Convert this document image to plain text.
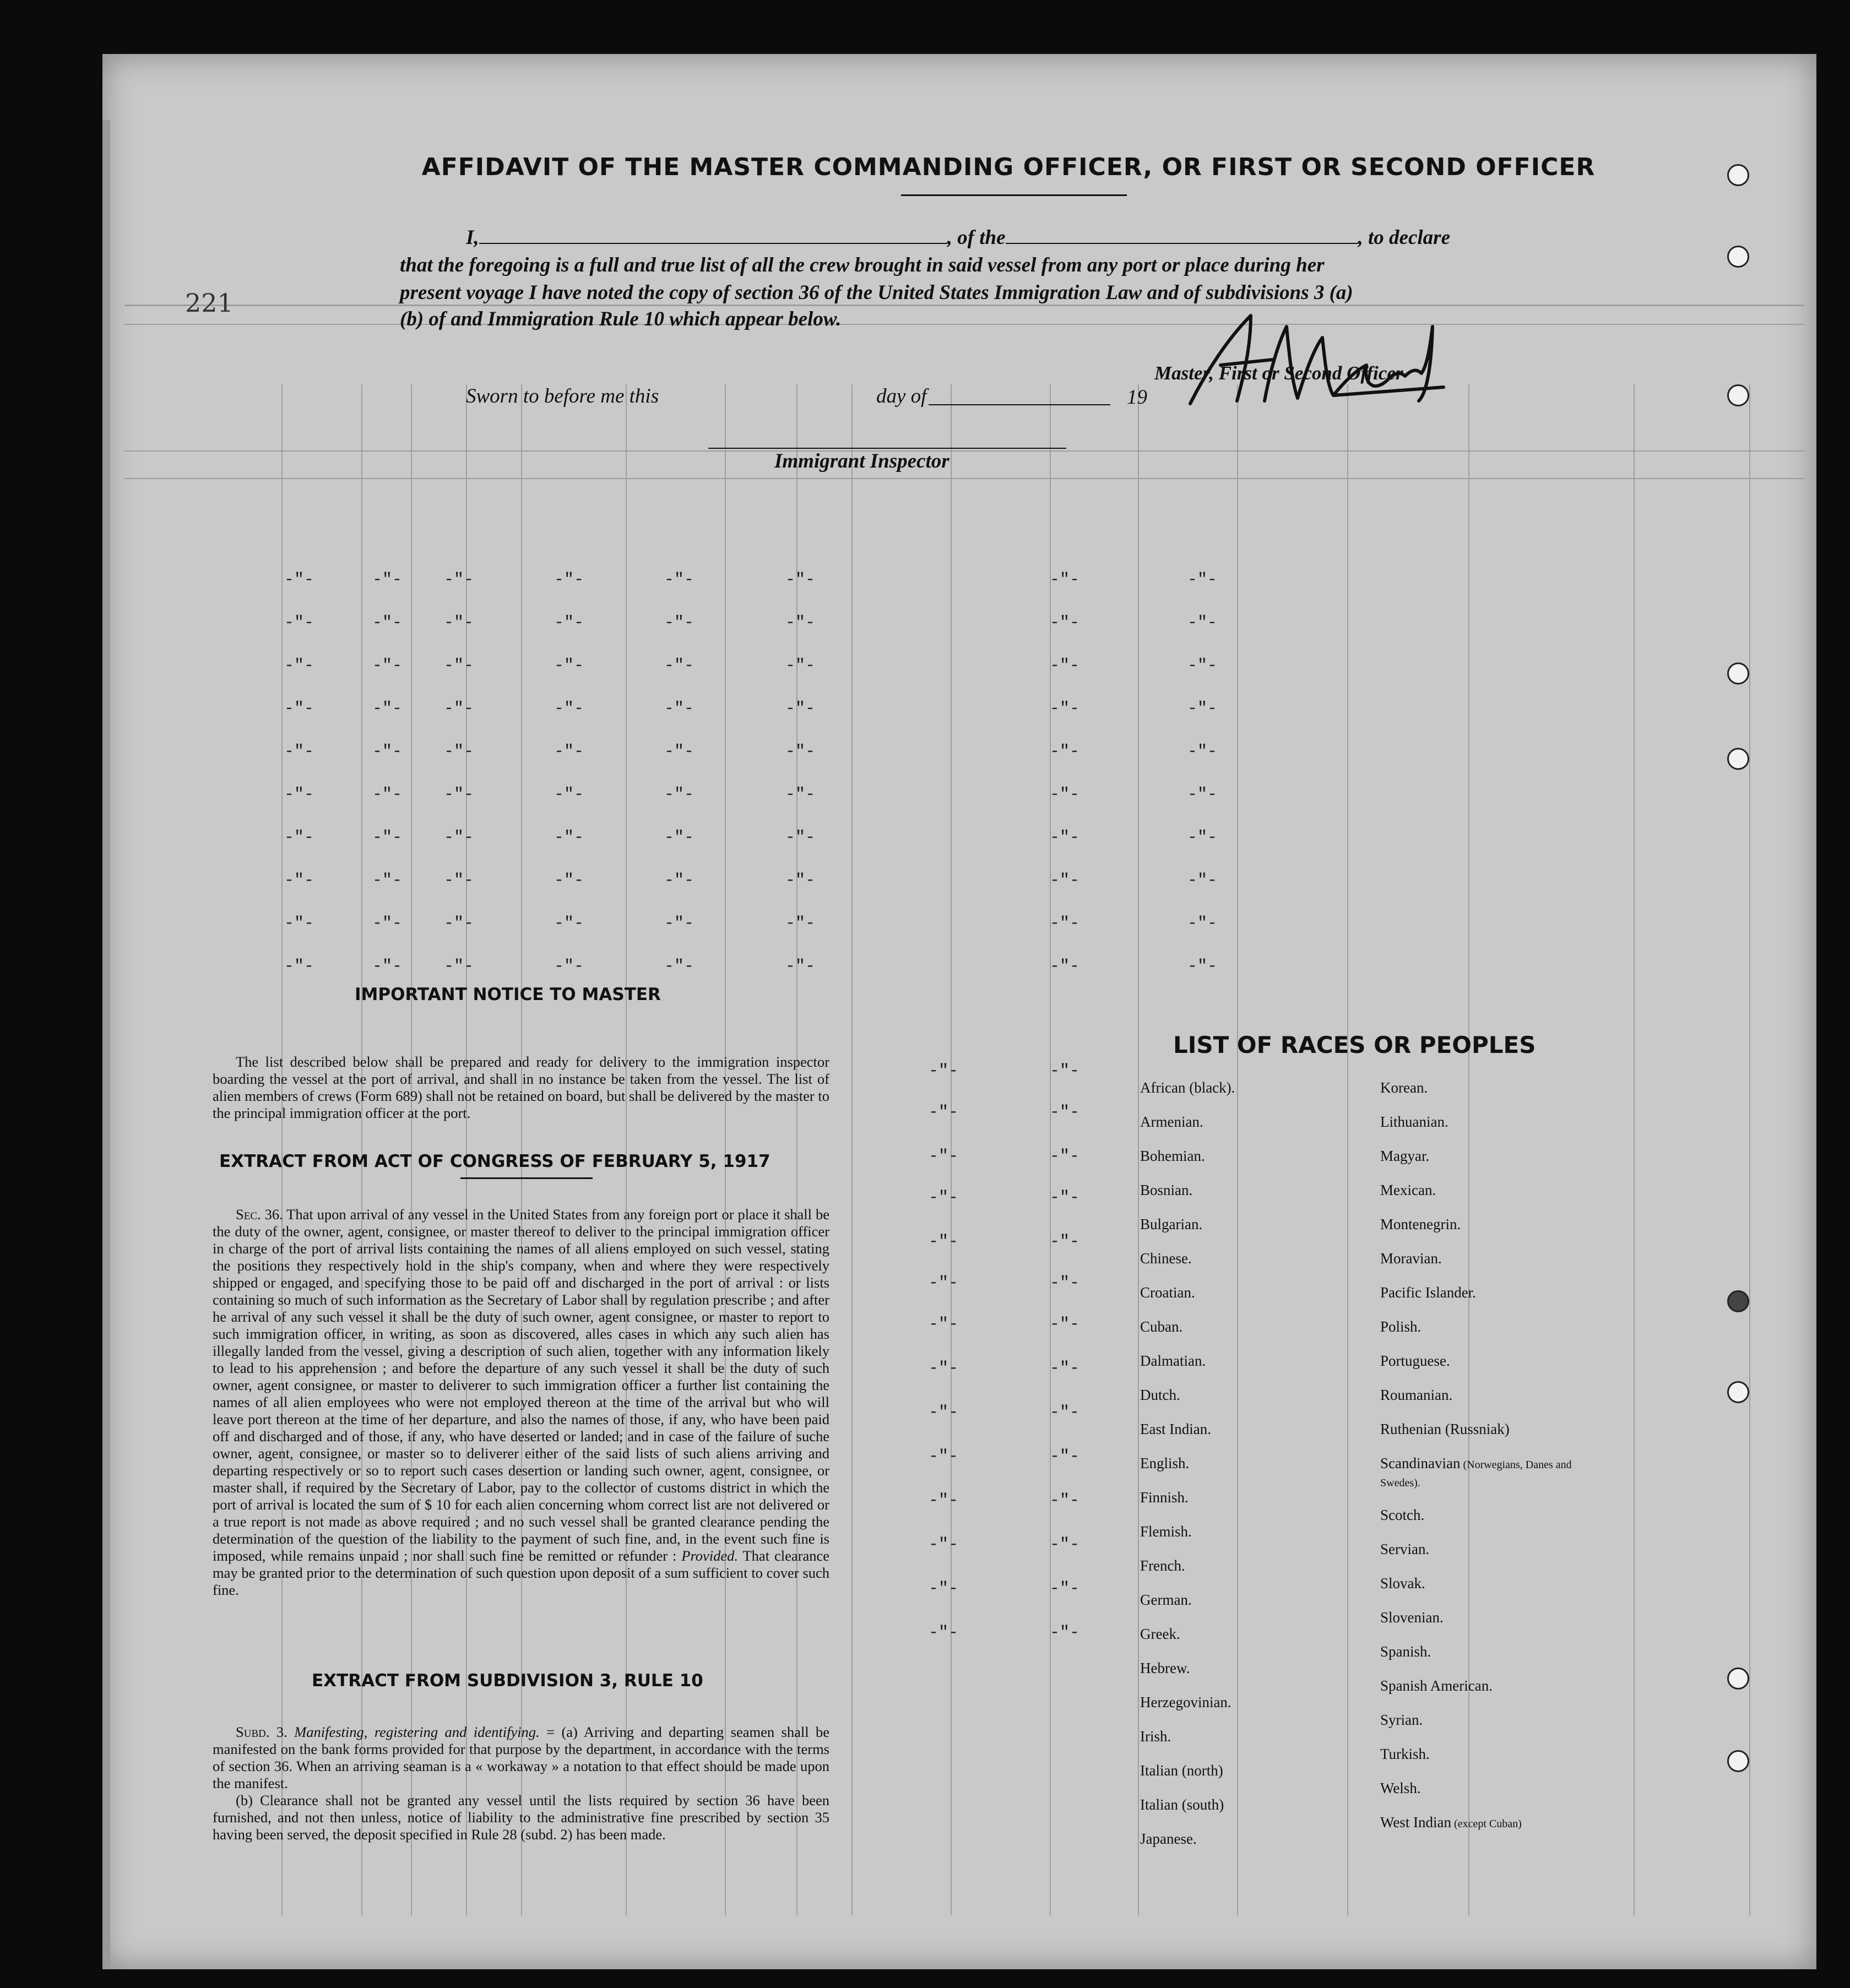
221
AFFIDAVIT OF THE MASTER COMMANDING OFFICER, OR FIRST OR SECOND OFFICER
I,	, of the	, to declare
that the foregoing is a full and true list of all the crew brought in said vessel from any port or place during her
present voyage I have noted the copy of section 36 of the United States Immigration Law and of subdivisions 3 (a)
(b) of and Immigration Rule 10 which appear below.
Master, First or Second Officer
Sworn to before me this	day of	19
Immigrant Inspector
-"-	-"-	-"-	-"-	-"-	-"-	-"-	-"-
-"-	-"-	-"-	-"-	-"-	-"-	-"-	-"-
-"-	-"-	-"-	-"-	-"-	-"-	-"-	-"-
-"-	-"-	-"-	-"-	-"-	-"-	-"-	-"-
-"-	-"-	-"-	-"-	-"-	-"-	-"-	-"-
-"-	-"-	-"-	-"-	-"-	-"-	-"-	-"-
-"-	-"-	-"-	-"-	-"-	-"-	-"-	-"-
-"-	-"-	-"-	-"-	-"-	-"-	-"-	-"-
-"-	-"-	-"-	-"-	-"-	-"-	-"-	-"-
-"-	-"-	-"-	-"-	-"-	-"-	-"-	-"-
-"-	-"-
-"-	-"-
-"-	-"-
-"-	-"-
-"-	-"-
-"-	-"-
-"-	-"-
-"-	-"-
-"-	-"-
-"-	-"-
-"-	-"-
-"-	-"-
-"-	-"-
-"-	-"-
IMPORTANT NOTICE TO MASTER

The list described below shall be prepared and ready for delivery to the immigration inspector boarding the vessel at the port of arrival, and shall in no instance be taken from the vessel. The list of alien members of crews (Form 689) shall not be retained on board, but shall be delivered by the master to the principal immigration officer at the port.

EXTRACT FROM ACT OF CONGRESS OF FEBRUARY 5, 1917

Sec. 36. That upon arrival of any vessel in the United States from any foreign port or place it shall be the duty of the owner, agent, consignee, or master thereof to deliver to the principal immigration officer in charge of the port of arrival lists containing the names of all aliens employed on such vessel, stating the positions they respectively hold in the ship's company, when and where they were respectively shipped or engaged, and specifying those to be paid off and discharged in the port of arrival : or lists containing so much of such information as the Secretary of Labor shall by regulation prescribe ; and after he arrival of any such vessel it shall be the duty of such owner, agent consignee, or master to report to such immigration officer, in writing, as soon as discovered, alles cases in which any such alien has illegally landed from the vessel, giving a description of such alien, together with any information likely to lead to his apprehension ; and before the departure of any such vessel it shall be the duty of such owner, agent consignee, or master to deliverer to such immigration officer a further list containing the names of all alien employees who were not employed thereon at the time of the arrival but who will leave port thereon at the time of her departure, and also the names of those, if any, who have been paid off and discharged and of those, if any, who have deserted or landed; and in case of the failure of suche owner, agent, consignee, or master so to deliverer either of the said lists of such aliens arriving and departing respectively or so to report such cases desertion or landing such owner, agent, consignee, or master shall, if required by the Secretary of Labor, pay to the collector of customs district in which the port of arrival is located the sum of $ 10 for each alien concerning whom correct list are not delivered or a true report is not made as above required ; and no such vessel shall be granted clearance pending the determination of the question of the liability to the payment of such fine, and, in the event such fine is imposed, while remains unpaid ; nor shall such fine be remitted or refunder : Provided. That clearance may be granted prior to the determination of such question upon deposit of a sum sufficient to cover such fine.

EXTRACT FROM SUBDIVISION 3, RULE 10

Subd. 3. Manifesting, registering and identifying. = (a) Arriving and departing seamen shall be manifested on the bank forms provided for that purpose by the department, in accordance with the terms of section 36. When an arriving seaman is a « workaway » a notation to that effect should be made upon the manifest.

(b) Clearance shall not be granted any vessel until the lists required by section 36 have been furnished, and not then unless, notice of liability to the administrative fine prescribed by section 35 having been served, the deposit specified in Rule 28 (subd. 2) has been made.

LIST OF RACES OR PEOPLES
African (black).
Armenian.
Bohemian.
Bosnian.
Bulgarian.
Chinese.
Croatian.
Cuban.
Dalmatian.
Dutch.
East Indian.
English.
Finnish.
Flemish.
French.
German.
Greek.
Hebrew.
Herzegovinian.
Irish.
Italian (north)
Italian (south)
Japanese.
Korean.
Lithuanian.
Magyar.
Mexican.
Montenegrin.
Moravian.
Pacific Islander.
Polish.
Portuguese.
Roumanian.
Ruthenian (Russniak)
Scandinavian (Norwegians, Danes and Swedes).
Scotch.
Servian.
Slovak.
Slovenian.
Spanish.
Spanish American.
Syrian.
Turkish.
Welsh.
West Indian (except Cuban)
